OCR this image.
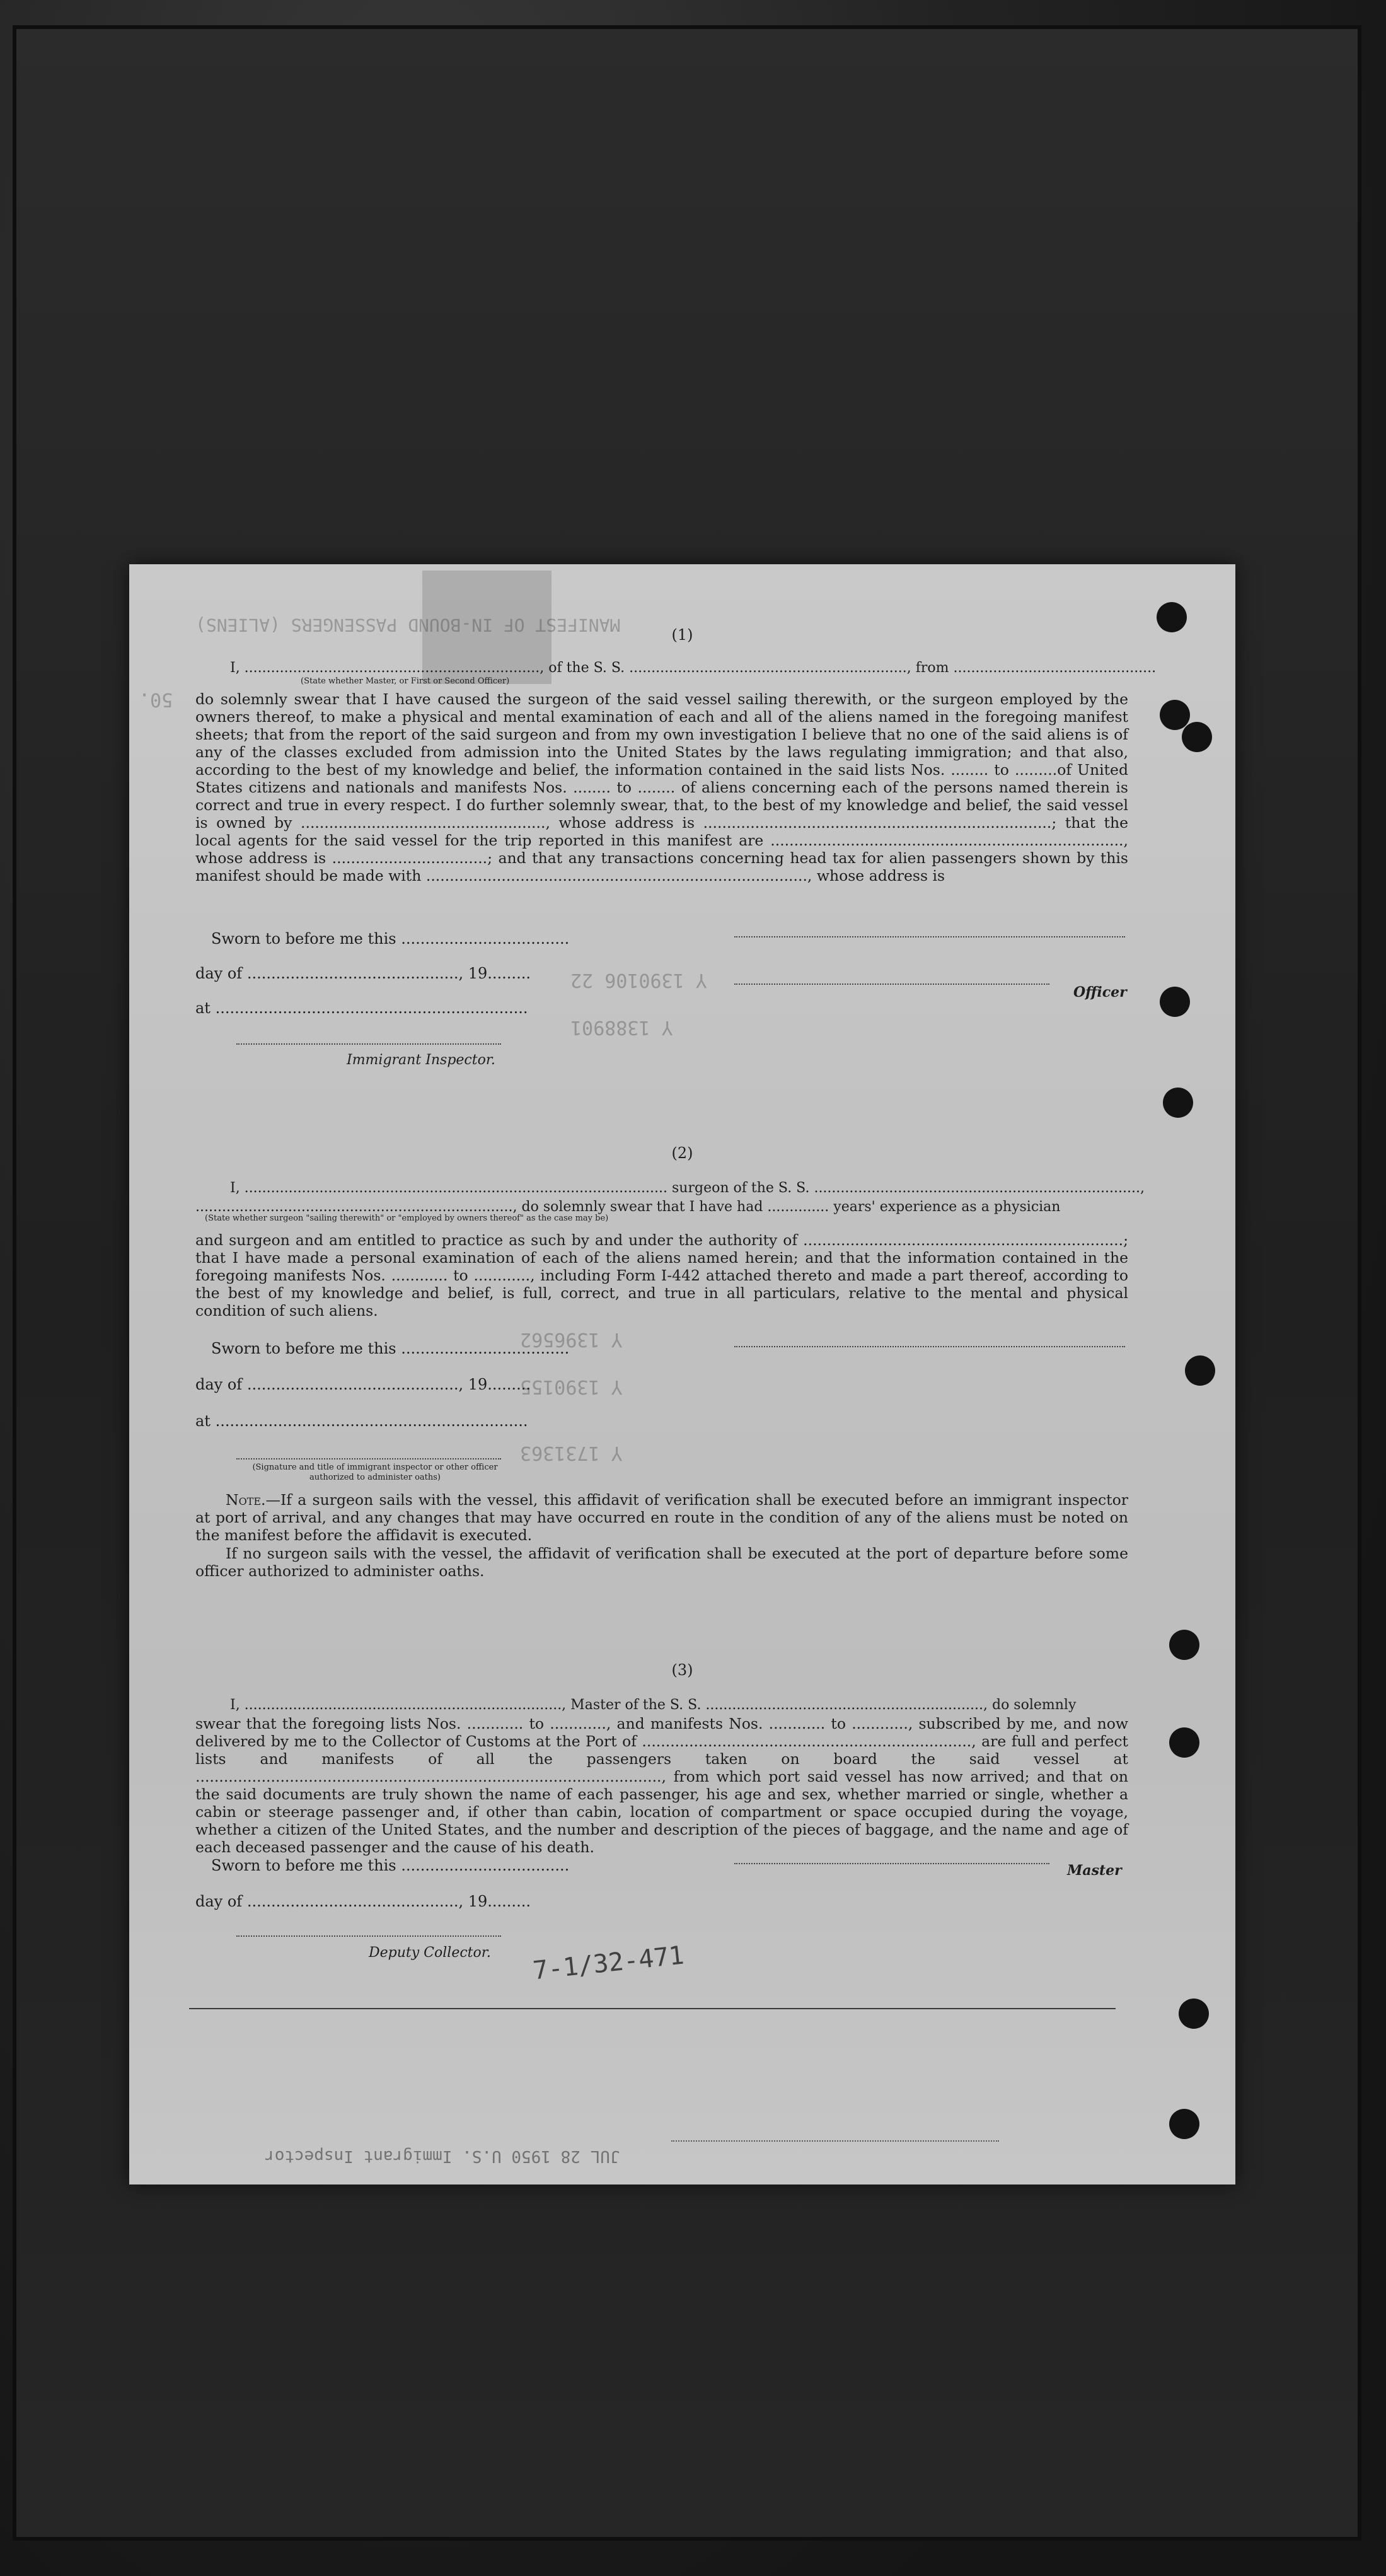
MANIFEST OF IN-BOUND PASSENGERS (ALIENS)
50.
Y 1390106 22
Y 1388901
Y 1396562
Y 1390155
Y 1731363
(1)
I, ..................................................................., of the S. S. ..............................................................., from ..............................................
(State whether Master, or First or Second Officer)
do solemnly swear that I have caused the surgeon of the said vessel sailing therewith, or the surgeon employed by the owners thereof, to make a physical and mental examination of each and all of the aliens named in the foregoing manifest sheets; that from the report of the said surgeon and from my own investigation I believe that no one of the said aliens is of any of the classes excluded from admission into the United States by the laws regulating immigration; and that also, according to the best of my knowledge and belief, the information contained in the said lists Nos. ........ to .........of United States citizens and nationals and manifests Nos. ........ to ........ of aliens concerning each of the persons named therein is correct and true in every respect. I do further solemnly swear, that, to the best of my knowledge and belief, the said vessel is owned by ...................................................., whose address is ..........................................................................; that the local agents for the said vessel for the trip reported in this manifest are ..........................................................................., whose address is .................................; and that any transactions concerning head tax for alien passengers shown by this manifest should be made with ................................................................................., whose address is
Sworn to before me this ...................................
day of ............................................, 19.........
at .................................................................
Officer
Immigrant Inspector.
(2)
I, ................................................................................................ surgeon of the S. S. ..........................................................................,
........................................................................, do solemnly swear that I have had .............. years' experience as a physician
(State whether surgeon "sailing therewith" or "employed by owners thereof" as the case may be)
and surgeon and am entitled to practice as such by and under the authority of ....................................................................; that I have made a personal examination of each of the aliens named herein; and that the information contained in the foregoing manifests Nos. ............ to ............, including Form I-442 attached thereto and made a part thereof, according to the best of my knowledge and belief, is full, correct, and true in all particulars, relative to the mental and physical condition of such aliens.
Sworn to before me this ...................................
day of ............................................, 19.........
at .................................................................
(Signature and title of immigrant inspector or other officer authorized to administer oaths)
Note.—If a surgeon sails with the vessel, this affidavit of verification shall be executed before an immigrant inspector at port of arrival, and any changes that may have occurred en route in the condition of any of the aliens must be noted on the manifest before the affidavit is executed.
If no surgeon sails with the vessel, the affidavit of verification shall be executed at the port of departure before some officer authorized to administer oaths.
(3)
I, ........................................................................, Master of the S. S. ..............................................................., do solemnly
swear that the foregoing lists Nos. ............ to ............, and manifests Nos. ............ to ............, subscribed by me, and now delivered by me to the Collector of Customs at the Port of ......................................................................, are full and perfect lists and manifests of all the passengers taken on board the said vessel at ..................................................................................................., from which port said vessel has now arrived; and that on the said documents are truly shown the name of each passenger, his age and sex, whether married or single, whether a cabin or steerage passenger and, if other than cabin, location of compartment or space occupied during the voyage, whether a citizen of the United States, and the number and description of the pieces of baggage, and the name and age of each deceased passenger and the cause of his death.
Sworn to before me this ...................................
day of ............................................, 19.........
Master
Deputy Collector. 7-1/32-471
JUL 28 1950 U.S. Immigrant Inspector
